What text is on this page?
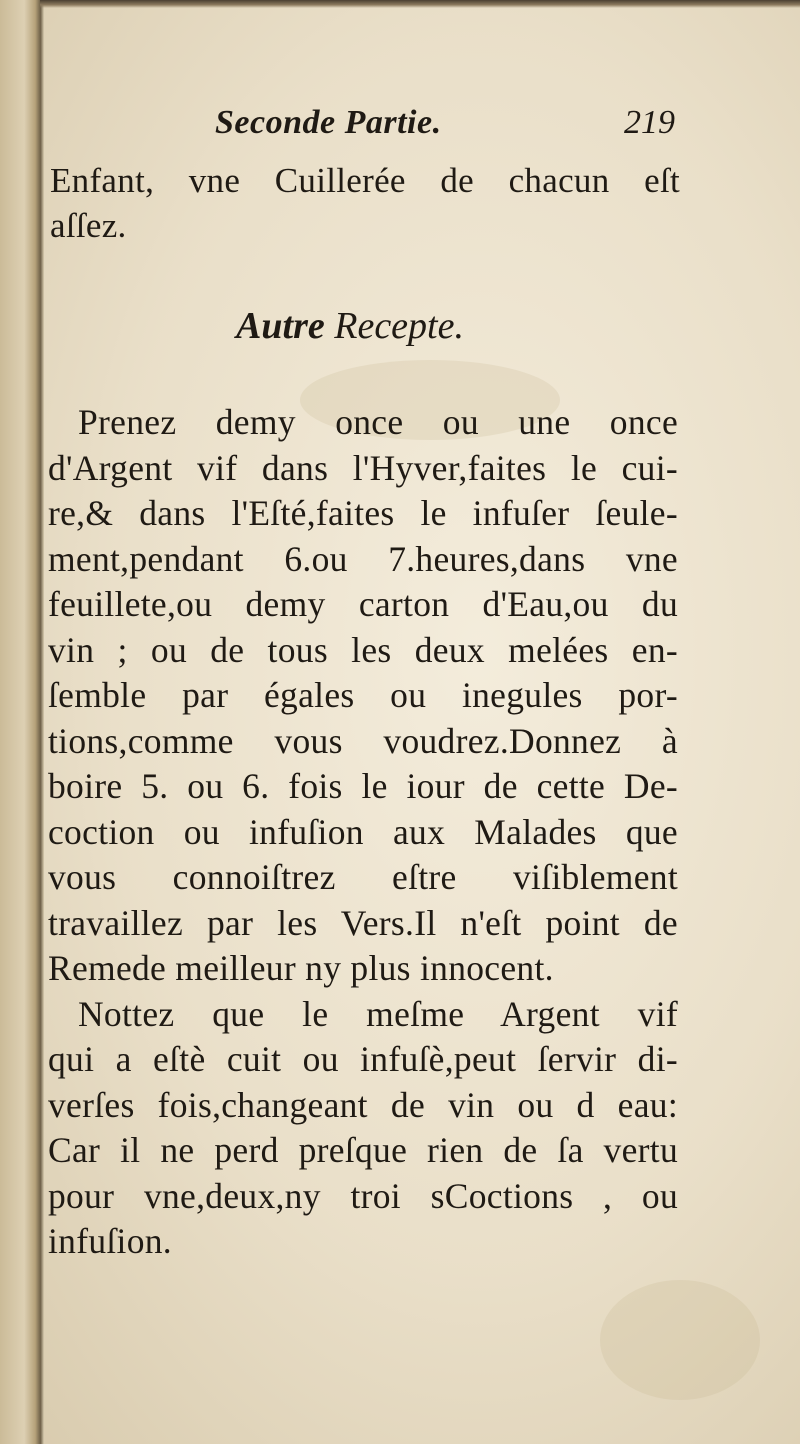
Seconde Partie.	219
Enfant, vne Cuillerée de chacun eſt
aſſez.
Autre Recepte.
Prenez demy once ou une once
d'Argent vif dans l'Hyver,faites le cui-
re,& dans l'Eſté,faites le infuſer ſeule-
ment,pendant 6.ou 7.heures,dans vne
feuillete,ou demy carton d'Eau,ou du
vin ; ou de tous les deux melées en-
ſemble par égales ou inegules por-
tions,comme vous voudrez.Donnez à
boire 5. ou 6. fois le iour de cette De-
coction ou infuſion aux Malades que
vous connoiſtrez eſtre viſiblement
travaillez par les Vers.Il n'eſt point de
Remede meilleur ny plus innocent.
Nottez que le meſme Argent vif
qui a eſtè cuit ou infuſè,peut ſervir di-
verſes fois,changeant de vin ou d eau:
Car il ne perd preſque rien de ſa vertu
pour vne,deux,ny troi sCoctions , ou
infuſion.
